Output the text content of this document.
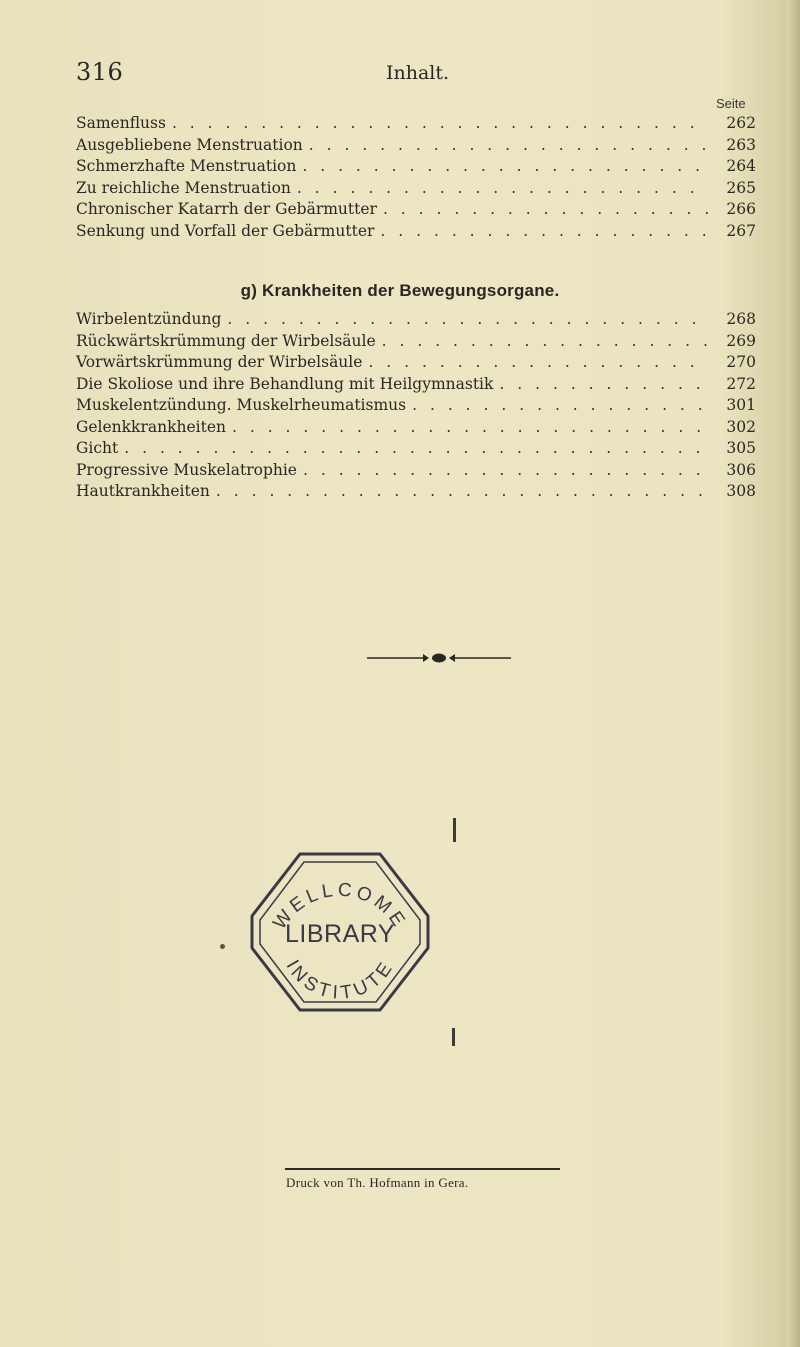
316	Inhalt.
Seite
Samenfluss . . .	262
Ausgebliebene Menstruation . . .	263
Schmerzhafte Menstruation . . .	264
Zu reichliche Menstruation . . .	265
Chronischer Katarrh der Gebärmutter . . .	266
Senkung und Vorfall der Gebärmutter . . .	267
g) Krankheiten der Bewegungsorgane.
Wirbelentzündung . . .	268
Rückwärtskrümmung der Wirbelsäule . . .	269
Vorwärtskrümmung der Wirbelsäule . . .	270
Die Skoliose und ihre Behandlung mit Heilgymnastik . . .	272
Muskelentzündung. Muskelrheumatismus . . .	301
Gelenkkrankheiten . . .	302
Gicht . . .	305
Progressive Muskelatrophie . . .	306
Hautkrankheiten . . .	308
LIBRARY
WELLCOME
INSTITUTE
Druck von Th. Hofmann in Gera.
